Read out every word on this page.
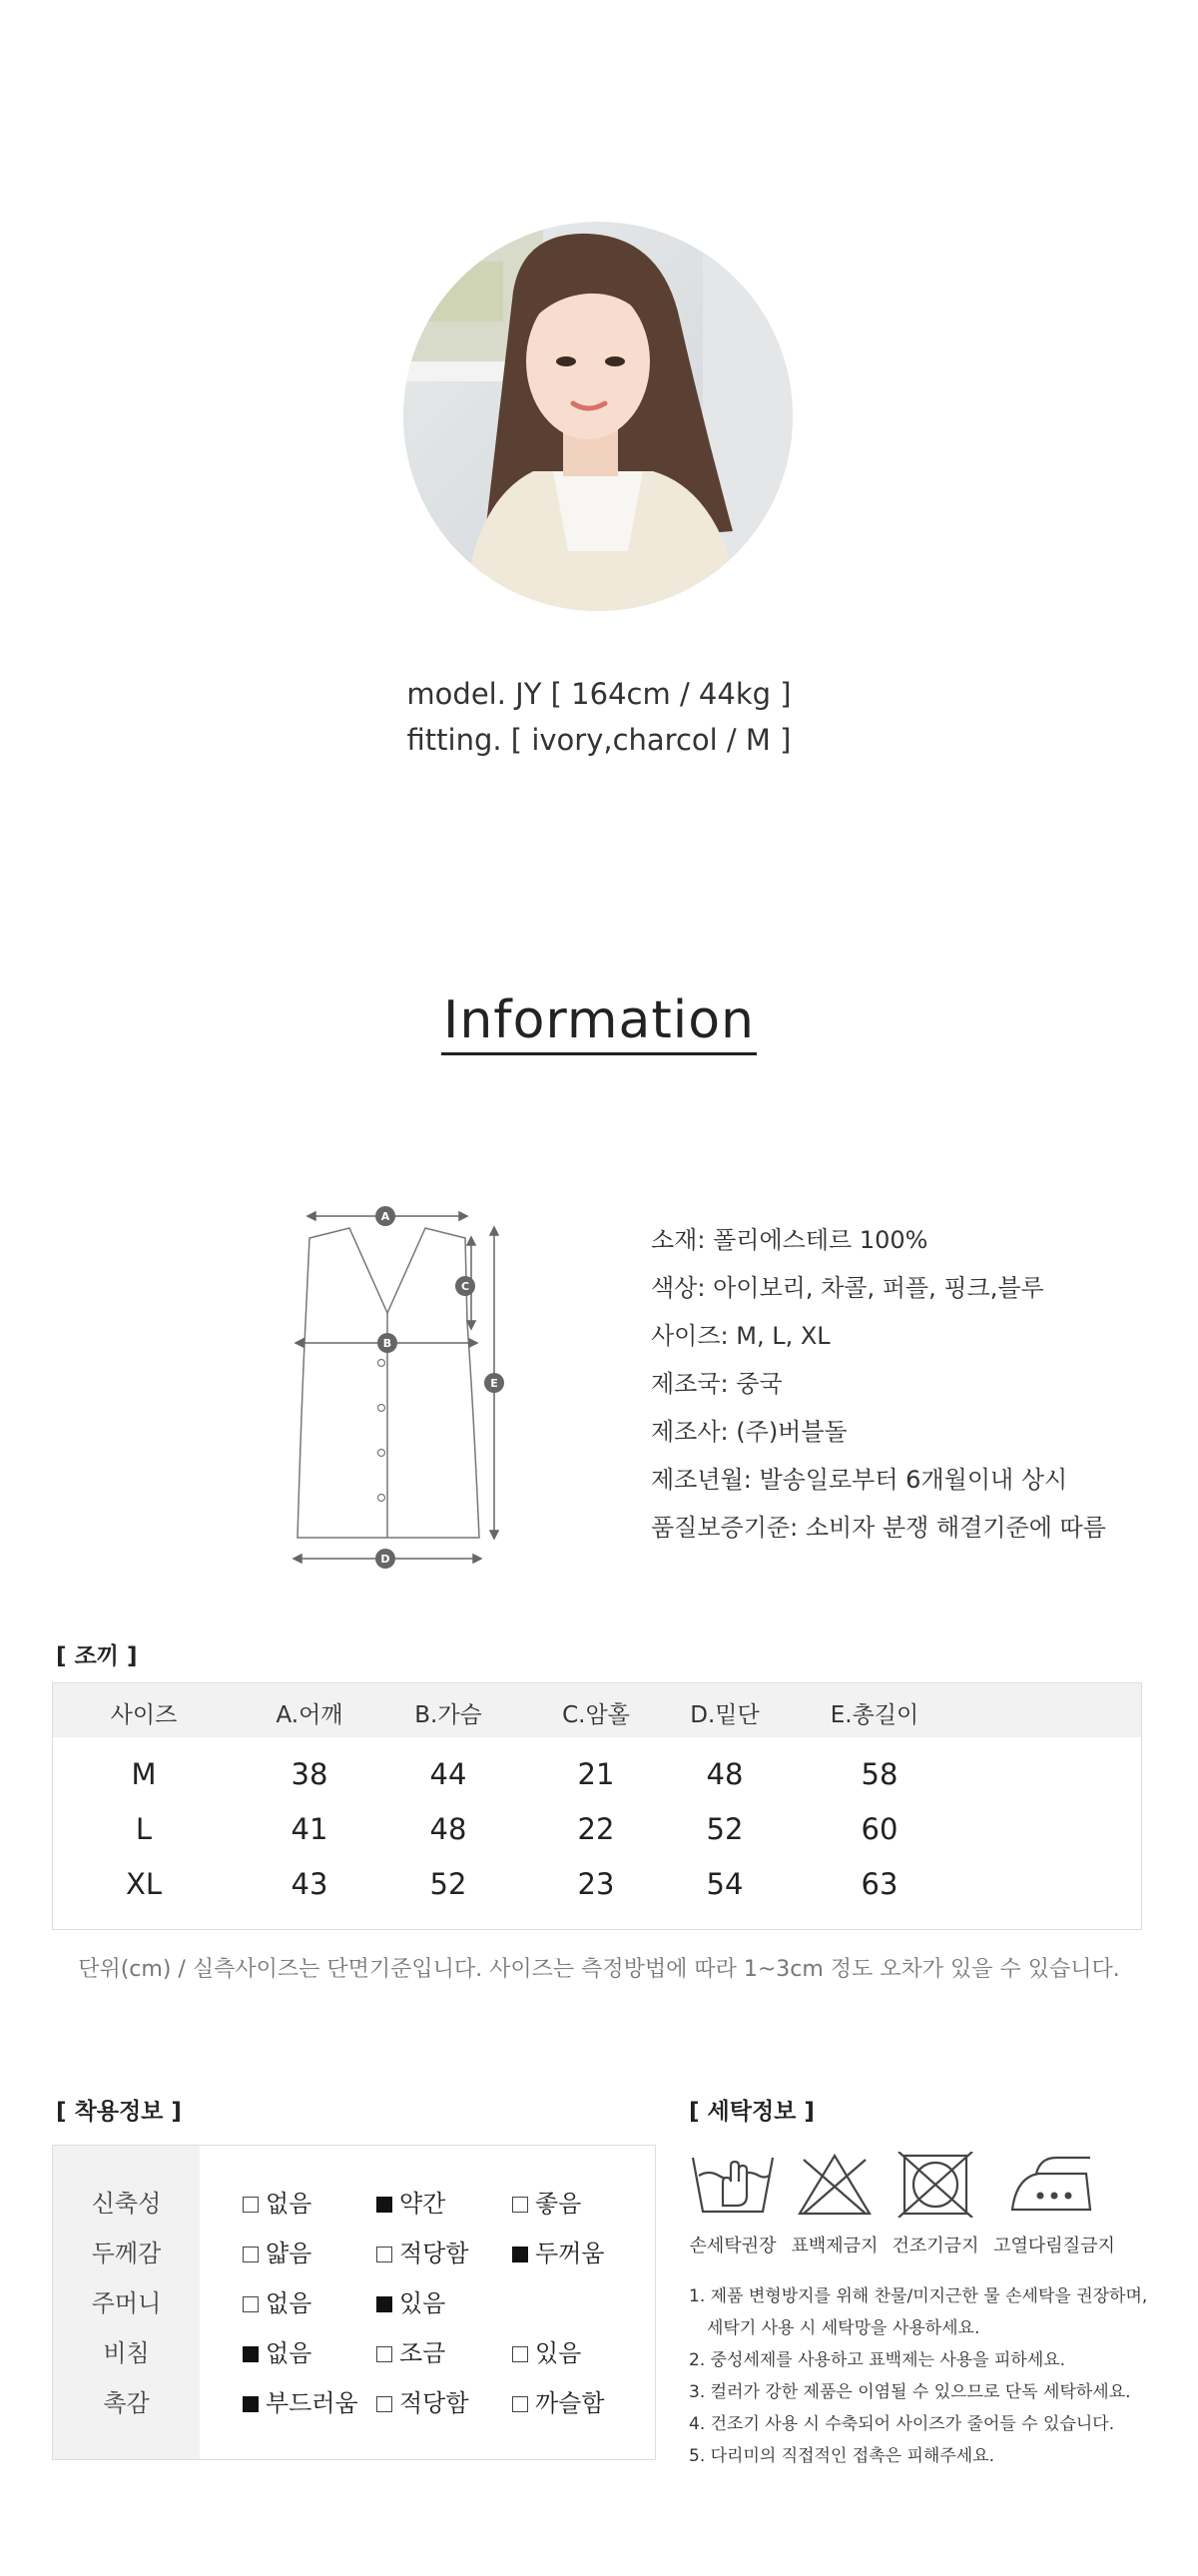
model. JY [ 164cm / 44kg ]
fitting. [ ivory,charcol / M ]
Information
A
B
C
D
E
소재: 폴리에스테르 100%
색상: 아이보리, 차콜, 퍼플, 핑크,블루
사이즈: M, L, XL
제조국: 중국
제조사: (주)버블돌
제조년월: 발송일로부터 6개월이내 상시
품질보증기준: 소비자 분쟁 해결기준에 따름
[ 조끼 ]
사이즈	A.어깨	B.가슴	C.암홀	D.밑단	E.총길이
M	38	44	21	48	58
L	41	48	22	52	60
XL	43	52	23	54	63
단위(cm) / 실측사이즈는 단면기준입니다. 사이즈는 측정방법에 따라 1~3cm 정도 오차가 있을 수 있습니다.
[ 착용정보 ]
신축성	없음	약간	좋음
두께감	얇음	적당함	두꺼움
주머니	없음	있음
비침	없음	조금	있음
촉감	부드러움	적당함	까슬함
[ 세탁정보 ]
손세탁권장 표백제금지 건조기금지 고열다림질금지
1. 제품 변형방지를 위해 찬물/미지근한 물 손세탁을 권장하며,
세탁기 사용 시 세탁망을 사용하세요.
2. 중성세제를 사용하고 표백제는 사용을 피하세요.
3. 컬러가 강한 제품은 이염될 수 있으므로 단독 세탁하세요.
4. 건조기 사용 시 수축되어 사이즈가 줄어들 수 있습니다.
5. 다리미의 직접적인 접촉은 피해주세요.
